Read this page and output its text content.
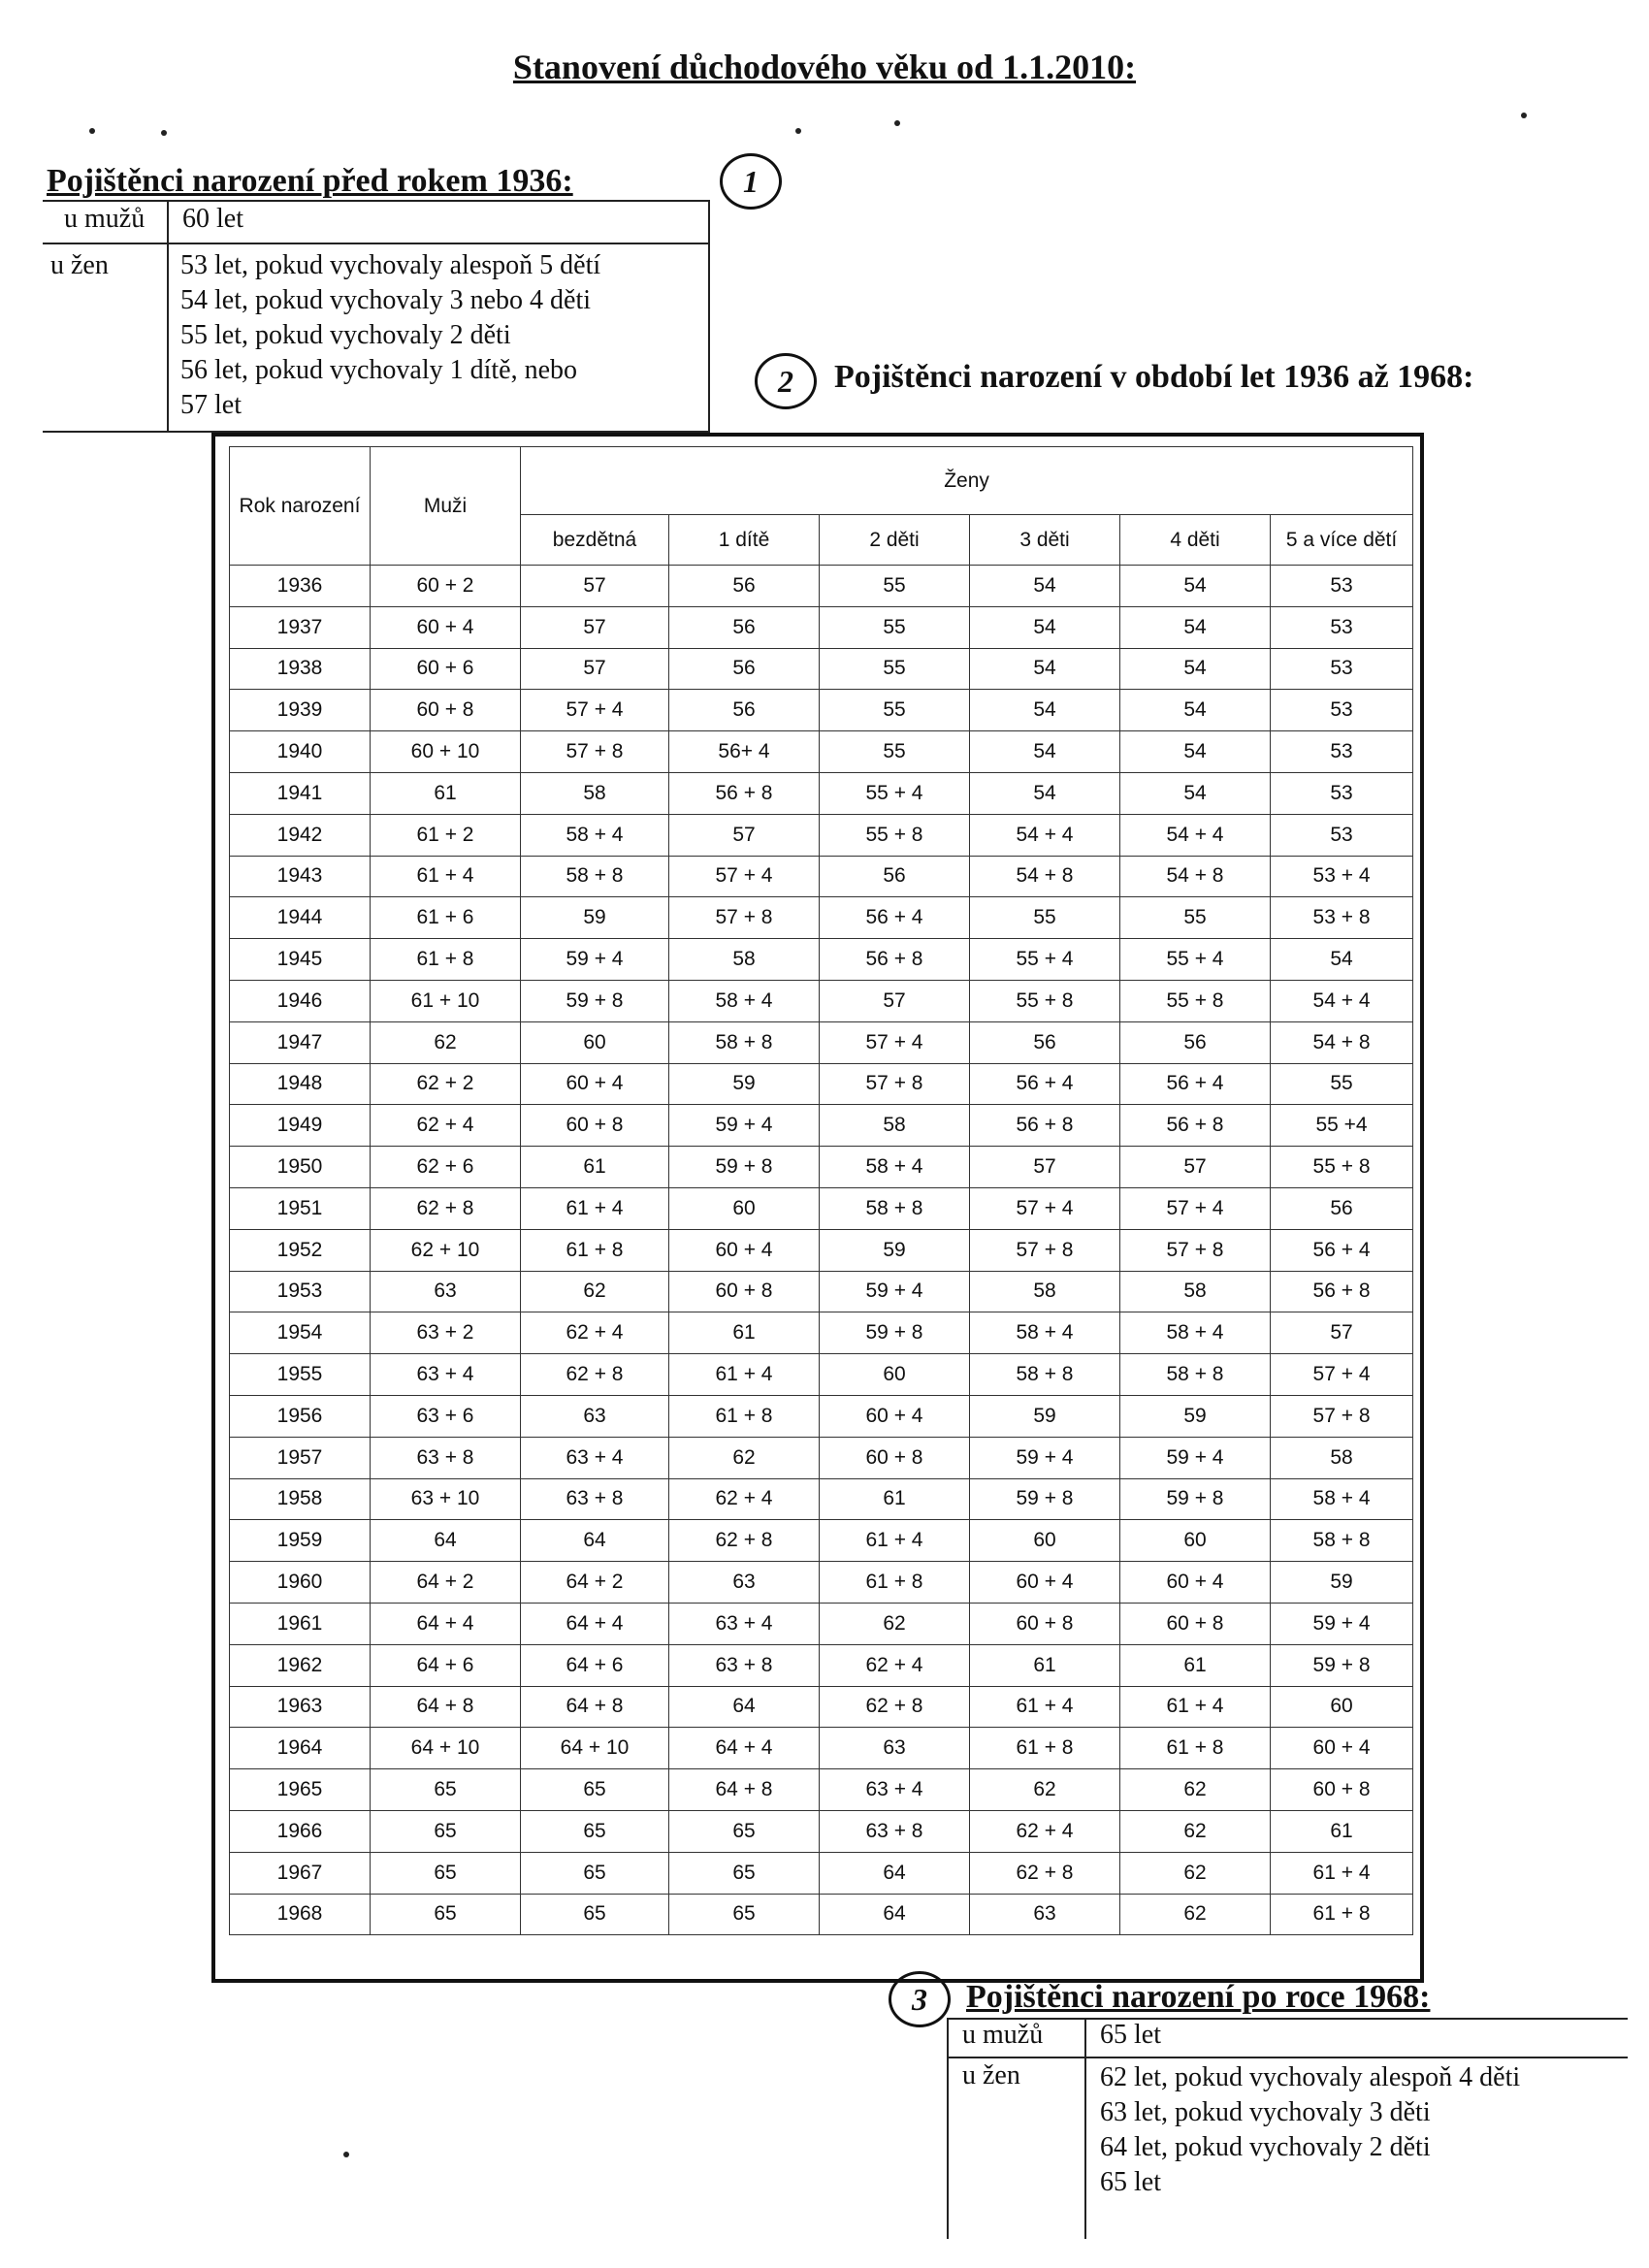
Stanovení důchodového věku od 1.1.2010:
1
Pojištěnci narození před rokem 1936:
u mužů 60 let
u žen	53 let, pokud vychovaly alespoň 5 dětí
54 let, pokud vychovaly 3 nebo 4 děti
55 let, pokud vychovaly 2 děti
56 let, pokud vychovaly 1 dítě, nebo
57 let
2	Pojištěnci narození v období let 1936 až 1968:
Rok narození	Muži	Ženy					
		bezdětná	1 dítě	2 děti	3 děti	4 děti	5 a více dětí
1936	60 + 2	57	56	55	54	54	53
1937	60 + 4	57	56	55	54	54	53
1938	60 + 6	57	56	55	54	54	53
1939	60 + 8	57 + 4	56	55	54	54	53
1940	60 + 10	57 + 8	56+ 4	55	54	54	53
1941	61	58	56 + 8	55 + 4	54	54	53
1942	61 + 2	58 + 4	57	55 + 8	54 + 4	54 + 4	53
1943	61 + 4	58 + 8	57 + 4	56	54 + 8	54 + 8	53 + 4
1944	61 + 6	59	57 + 8	56 + 4	55	55	53 + 8
1945	61 + 8	59 + 4	58	56 + 8	55 + 4	55 + 4	54
1946	61 + 10	59 + 8	58 + 4	57	55 + 8	55 + 8	54 + 4
1947	62	60	58 + 8	57 + 4	56	56	54 + 8
1948	62 + 2	60 + 4	59	57 + 8	56 + 4	56 + 4	55
1949	62 + 4	60 + 8	59 + 4	58	56 + 8	56 + 8	55 +4
1950	62 + 6	61	59 + 8	58 + 4	57	57	55 + 8
1951	62 + 8	61 + 4	60	58 + 8	57 + 4	57 + 4	56
1952	62 + 10	61 + 8	60 + 4	59	57 + 8	57 + 8	56 + 4
1953	63	62	60 + 8	59 + 4	58	58	56 + 8
1954	63 + 2	62 + 4	61	59 + 8	58 + 4	58 + 4	57
1955	63 + 4	62 + 8	61 + 4	60	58 + 8	58 + 8	57 + 4
1956	63 + 6	63	61 + 8	60 + 4	59	59	57 + 8
1957	63 + 8	63 + 4	62	60 + 8	59 + 4	59 + 4	58
1958	63 + 10	63 + 8	62 + 4	61	59 + 8	59 + 8	58 + 4
1959	64	64	62 + 8	61 + 4	60	60	58 + 8
1960	64 + 2	64 + 2	63	61 + 8	60 + 4	60 + 4	59
1961	64 + 4	64 + 4	63 + 4	62	60 + 8	60 + 8	59 + 4
1962	64 + 6	64 + 6	63 + 8	62 + 4	61	61	59 + 8
1963	64 + 8	64 + 8	64	62 + 8	61 + 4	61 + 4	60
1964	64 + 10	64 + 10	64 + 4	63	61 + 8	61 + 8	60 + 4
1965	65	65	64 + 8	63 + 4	62	62	60 + 8
1966	65	65	65	63 + 8	62 + 4	62	61
1967	65	65	65	64	62 + 8	62	61 + 4
1968	65	65	65	64	63	62	61 + 8
3	Pojištěnci narození po roce 1968:
u mužů 65 let
u žen	62 let, pokud vychovaly alespoň 4 děti
63 let, pokud vychovaly 3 děti
64 let, pokud vychovaly 2 děti
65 let
